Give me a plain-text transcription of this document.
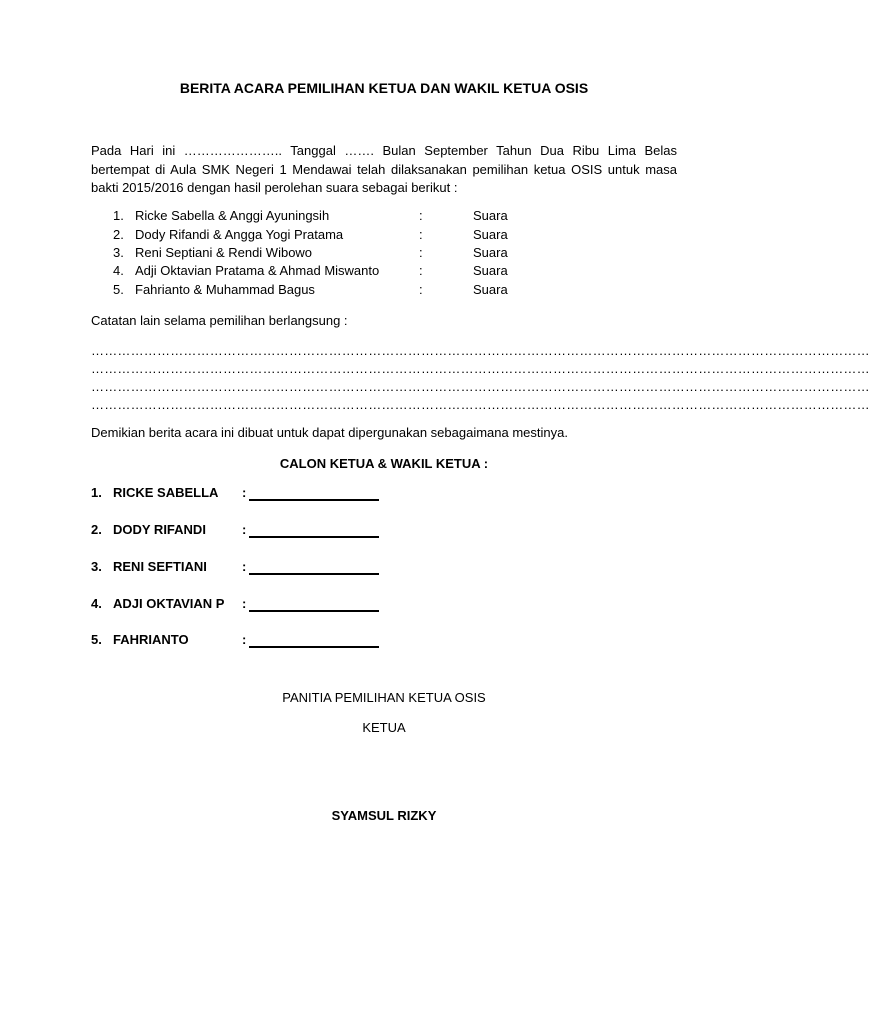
BERITA ACARA PEMILIHAN KETUA DAN WAKIL KETUA OSIS
Pada Hari ini ………………….. Tanggal ……. Bulan September Tahun Dua Ribu Lima Belas bertempat di Aula SMK Negeri 1 Mendawai telah dilaksanakan pemilihan ketua OSIS untuk masa bakti 2015/2016 dengan hasil perolehan suara sebagai berikut :
1. Ricke Sabella & Anggi Ayuningsih	:	Suara
2. Dody Rifandi & Angga Yogi Pratama	:	Suara
3. Reni Septiani & Rendi Wibowo	:	Suara
4. Adji Oktavian Pratama & Ahmad Miswanto	:	Suara
5. Fahrianto & Muhammad Bagus	:	Suara
Catatan lain selama pemilihan berlangsung :
……………………………………………………………………………………………………………………………………………………………
……………………………………………………………………………………………………………………………………………………………
……………………………………………………………………………………………………………………………………………………………
……………………………………………………………………………………………………………………………………………………………
Demikian berita acara ini dibuat untuk dapat dipergunakan sebagaimana mestinya.
CALON KETUA & WAKIL KETUA :
1. RICKE SABELLA :
2. DODY RIFANDI	:
3. RENI SEFTIANI	:
4. ADJI OKTAVIAN P :
5. FAHRIANTO	:
PANITIA PEMILIHAN KETUA OSIS
KETUA
SYAMSUL RIZKY
